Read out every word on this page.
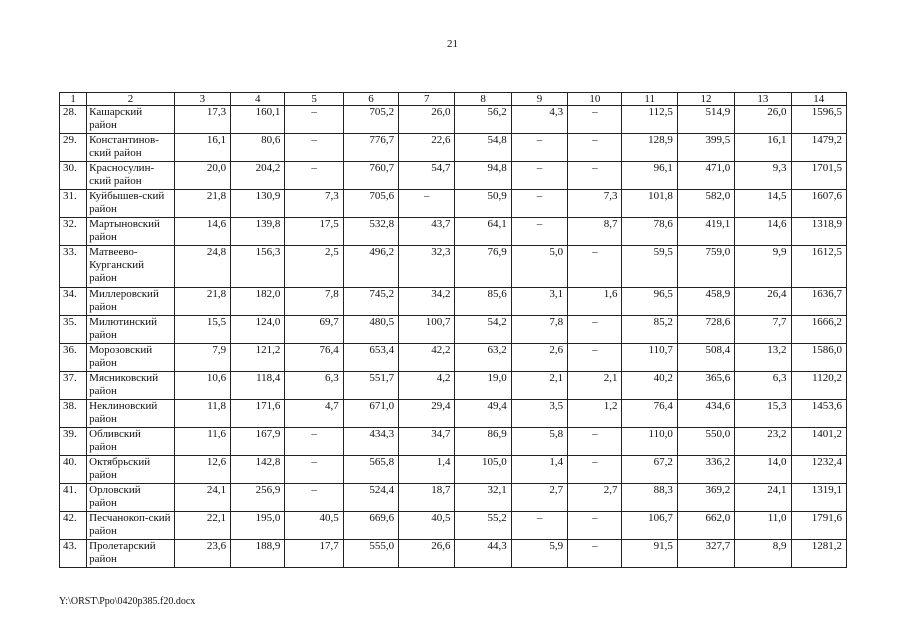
21
1	2	3	4	5	6	7	8	9	10	11	12	13	14
28.	Кашарский район	17,3	160,1	–	705,2	26,0	56,2	4,3	–	112,5	514,9	26,0	1596,5
29.	Константинов-ский район	16,1	80,6	–	776,7	22,6	54,8	–	–	128,9	399,5	16,1	1479,2
30.	Красносулин-ский район	20,0	204,2	–	760,7	54,7	94,8	–	–	96,1	471,0	9,3	1701,5
31.	Куйбышев-ский район	21,8	130,9	7,3	705,6	–	50,9	–	7,3	101,8	582,0	14,5	1607,6
32.	Мартыновский район	14,6	139,8	17,5	532,8	43,7	64,1	–	8,7	78,6	419,1	14,6	1318,9
33.	Матвеево-Курганский район	24,8	156,3	2,5	496,2	32,3	76,9	5,0	–	59,5	759,0	9,9	1612,5
34.	Миллеровский район	21,8	182,0	7,8	745,2	34,2	85,6	3,1	1,6	96,5	458,9	26,4	1636,7
35.	Милютинский район	15,5	124,0	69,7	480,5	100,7	54,2	7,8	–	85,2	728,6	7,7	1666,2
36.	Морозовский район	7,9	121,2	76,4	653,4	42,2	63,2	2,6	–	110,7	508,4	13,2	1586,0
37.	Мясниковский район	10,6	118,4	6,3	551,7	4,2	19,0	2,1	2,1	40,2	365,6	6,3	1120,2
38.	Неклиновский район	11,8	171,6	4,7	671,0	29,4	49,4	3,5	1,2	76,4	434,6	15,3	1453,6
39.	Обливский район	11,6	167,9	–	434,3	34,7	86,9	5,8	–	110,0	550,0	23,2	1401,2
40.	Октябрьский район	12,6	142,8	–	565,8	1,4	105,0	1,4	–	67,2	336,2	14,0	1232,4
41.	Орловский район	24,1	256,9	–	524,4	18,7	32,1	2,7	2,7	88,3	369,2	24,1	1319,1
42.	Песчанокоп-ский район	22,1	195,0	40,5	669,6	40,5	55,2	–	–	106,7	662,0	11,0	1791,6
43.	Пролетарский район	23,6	188,9	17,7	555,0	26,6	44,3	5,9	–	91,5	327,7	8,9	1281,2
Y:\ORST\Ppo\0420p385.f20.docx
